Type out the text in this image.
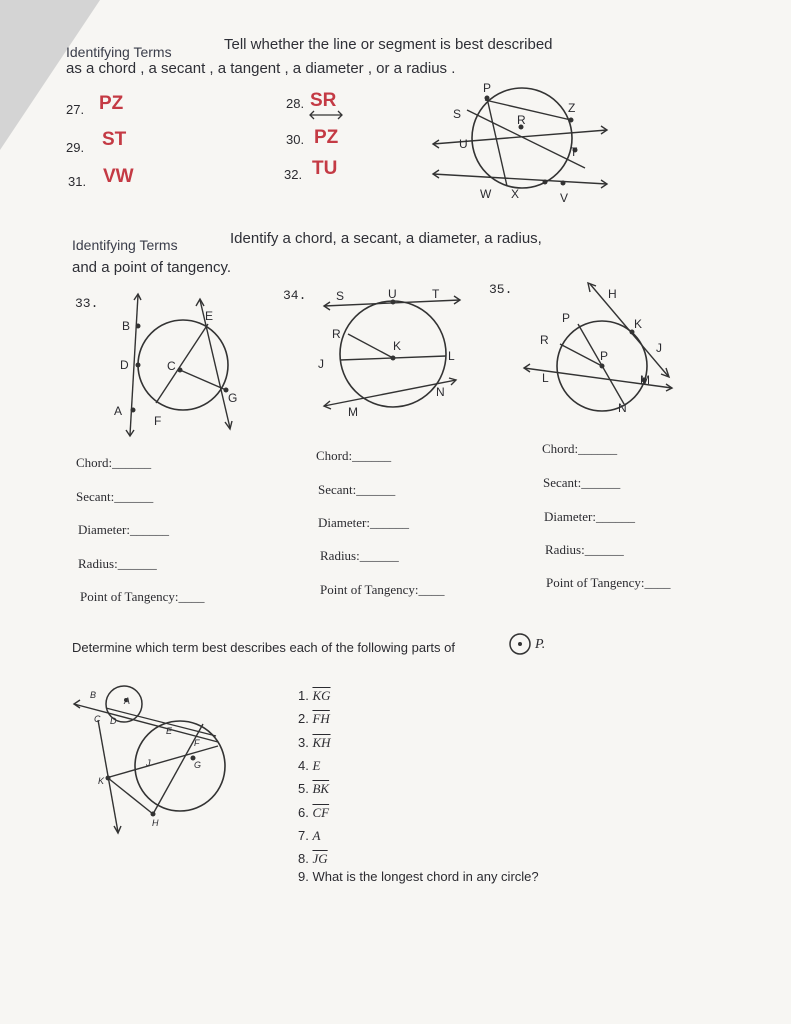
Identifying Terms	Tell whether the line or segment is best described
as a chord , a secant , a tangent , a diameter , or a radius .
27. PZ	28. SR
29. ST	30. PZ
31. VW	32. TU
P
S	Z
R
U
T
W X	V
Identifying Terms	Identify a chord, a secant, a diameter, a radius,
and a point of tangency.
33.
34.	35.
B
E
D	C
A
F
G
S	U	T
R
K
J
L
N
M
H
P	K
R
P
J
L	M
N
Chord:______
Secant:______
Diameter:______
Radius:______
Point of Tangency:____
Chord:______
Secant:______
Diameter:______
Radius:______
Point of Tangency:____
Chord:______
Secant:______
Diameter:______
Radius:______
Point of Tangency:____
Determine which term best describes each of the following parts of	P.
B
A
C D
E
F
G
J
K
H
1. $\overline{KG}$
2. $\overline{FH}$
3. $\overline{KH}$
4. E
5. $\overline{BK}$
6. $\overline{CF}$
7. A
8. $\overline{JG}$
9. What is the longest chord in any circle?
